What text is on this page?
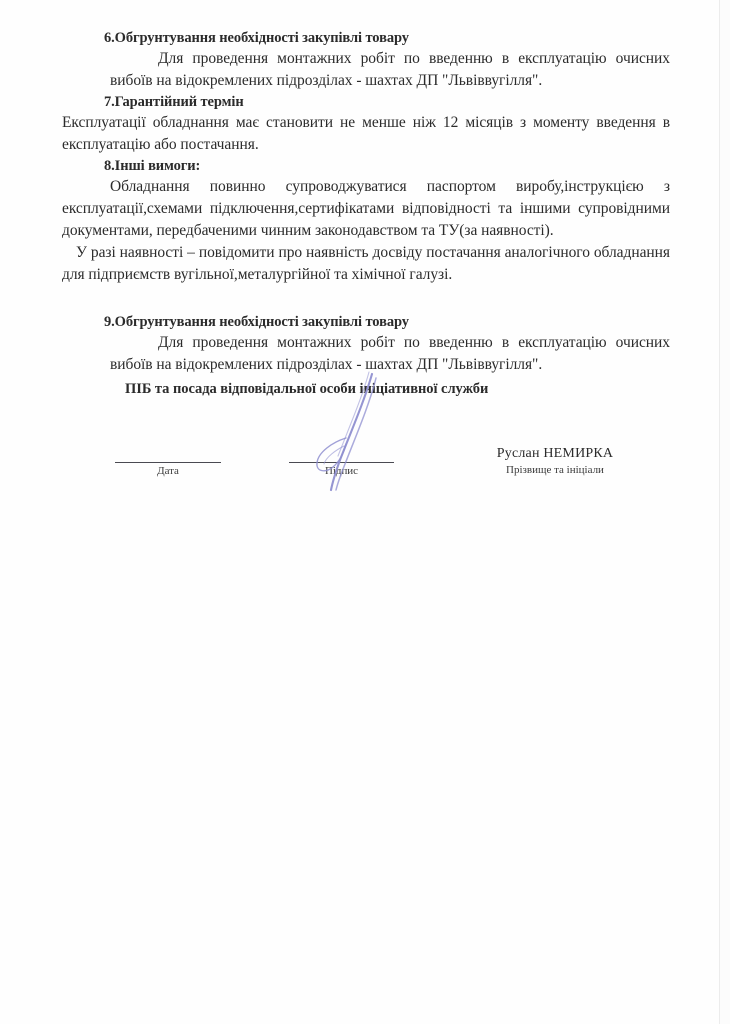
6.Обгрунтування необхідності закупівлі товару

Для проведення монтажних робіт по введенню в експлуатацію очисних вибоїв на відокремлених підрозділах - шахтах ДП "Львіввугілля".

7.Гарантійний термін

Експлуатації обладнання має становити не менше ніж 12 місяців з моменту введення в експлуатацію або постачання.

8.Інші вимоги:

Обладнання повинно супроводжуватися паспортом виробу,інструкцією з експлуатації,схемами підключення,сертифікатами відповідності та іншими супровідними документами, передбаченими чинним законодавством та ТУ(за наявності).

У разі наявності – повідомити про наявність досвіду постачання аналогічного обладнання для підприємств вугільної,металургійної та хімічної галузі.

9.Обгрунтування необхідності закупівлі товару

Для проведення монтажних робіт по введенню в експлуатацію очисних вибоїв на відокремлених підрозділах - шахтах ДП "Львіввугілля".

ПІБ та посада відповідальної особи ініціативної служби
Дата	Підпис
Руслан НЕМИРКА
Прізвище та ініціали
